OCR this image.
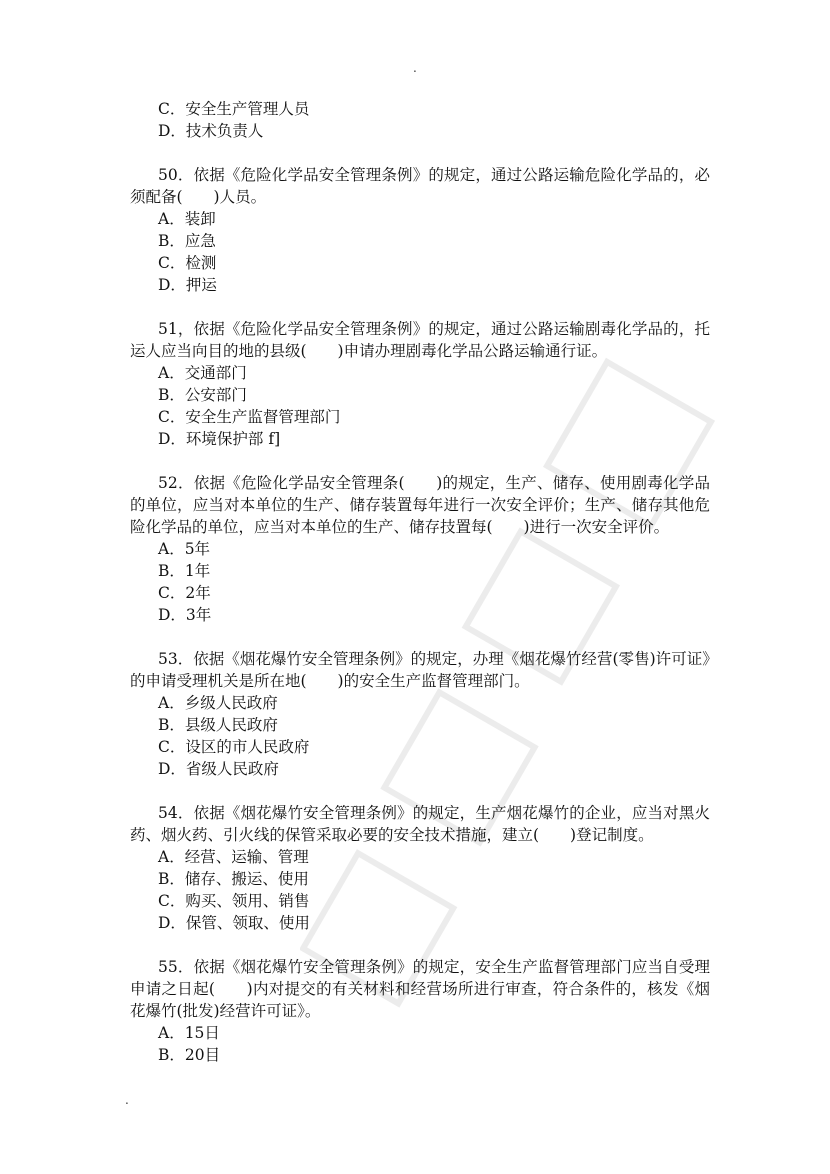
.
C．安全生产管理人员
D．技术负责人
50．依据《危险化学品安全管理条例》的规定，通过公路运输危险化学品的，必须配备(　　)人员。
A．装卸
B．应急
C．检测
D．押运
51，依据《危险化学品安全管理条例》的规定，通过公路运输剧毒化学品的，托运人应当向目的地的县级(　　)申请办理剧毒化学品公路运输通行证。
A．交通部门
B．公安部门
C．安全生产监督管理部门
D．环境保护部 f]
52．依据《危险化学品安全管理条(　　)的规定，生产、储存、使用剧毒化学品的单位，应当对本单位的生产、储存装置每年进行一次安全评价；生产、储存其他危险化学品的单位，应当对本单位的生产、储存技置每(　　)进行一次安全评价。
A．5年
B．1年
C．2年
D．3年
53．依据《烟花爆竹安全管理条例》的规定，办理《烟花爆竹经营(零售)许可证》的申请受理机关是所在地(　　)的安全生产监督管理部门。
A．乡级人民政府
B．县级人民政府
C．设区的市人民政府
D．省级人民政府
54．依据《烟花爆竹安全管理条例》的规定，生产烟花爆竹的企业，应当对黑火药、烟火药、引火线的保管采取必要的安全技术措施，建立(　　)登记制度。
A．经营、运输、管理
B．储存、搬运、使用
C．购买、领用、销售
D．保管、领取、使用
55．依据《烟花爆竹安全管理条例》的规定，安全生产监督管理部门应当自受理申请之日起(　　)内对提交的有关材料和经营场所进行审查，符合条件的，核发《烟花爆竹(批发)经营许可证》。
A．15日
B．20目
.
